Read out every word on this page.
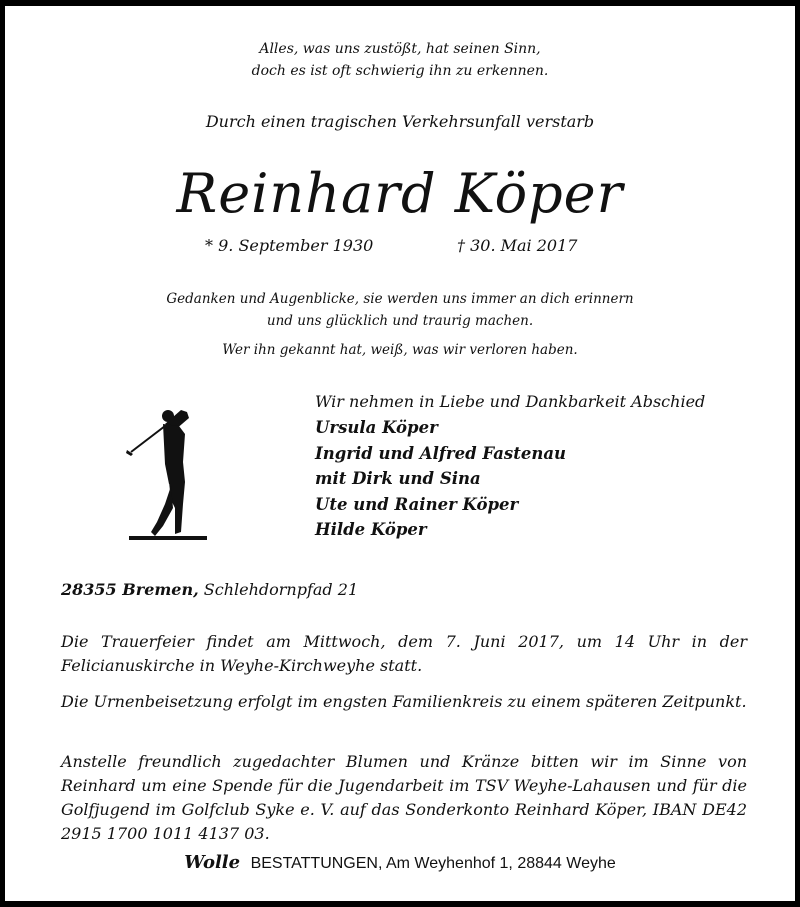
Alles, was uns zustößt, hat seinen Sinn,
doch es ist oft schwierig ihn zu erkennen.
Durch einen tragischen Verkehrsunfall verstarb
Reinhard Köper
* 9. September 1930	† 30. Mai 2017
Gedanken und Augenblicke, sie werden uns immer an dich erinnern
und uns glücklich und traurig machen.
Wer ihn gekannt hat, weiß, was wir verloren haben.
Wir nehmen in Liebe und Dankbarkeit Abschied
Ursula Köper
Ingrid und Alfred Fastenau
mit Dirk und Sina
Ute und Rainer Köper
Hilde Köper
28355 Bremen, Schlehdornpfad 21
Die Trauerfeier findet am Mittwoch, dem 7. Juni 2017, um 14 Uhr in der Felicianuskirche in Weyhe-Kirchweyhe statt.
Die Urnenbeisetzung erfolgt im engsten Familienkreis zu einem späteren Zeitpunkt.
Anstelle freundlich zugedachter Blumen und Kränze bitten wir im Sinne von Reinhard um eine Spende für die Jugendarbeit im TSV Weyhe-Lahausen und für die Golfjugend im Golfclub Syke e. V. auf das Sonderkonto Reinhard Köper, IBAN DE42 2915 1700 1011 4137 03.
Wolle BESTATTUNGEN, Am Weyhenhof 1, 28844 Weyhe
